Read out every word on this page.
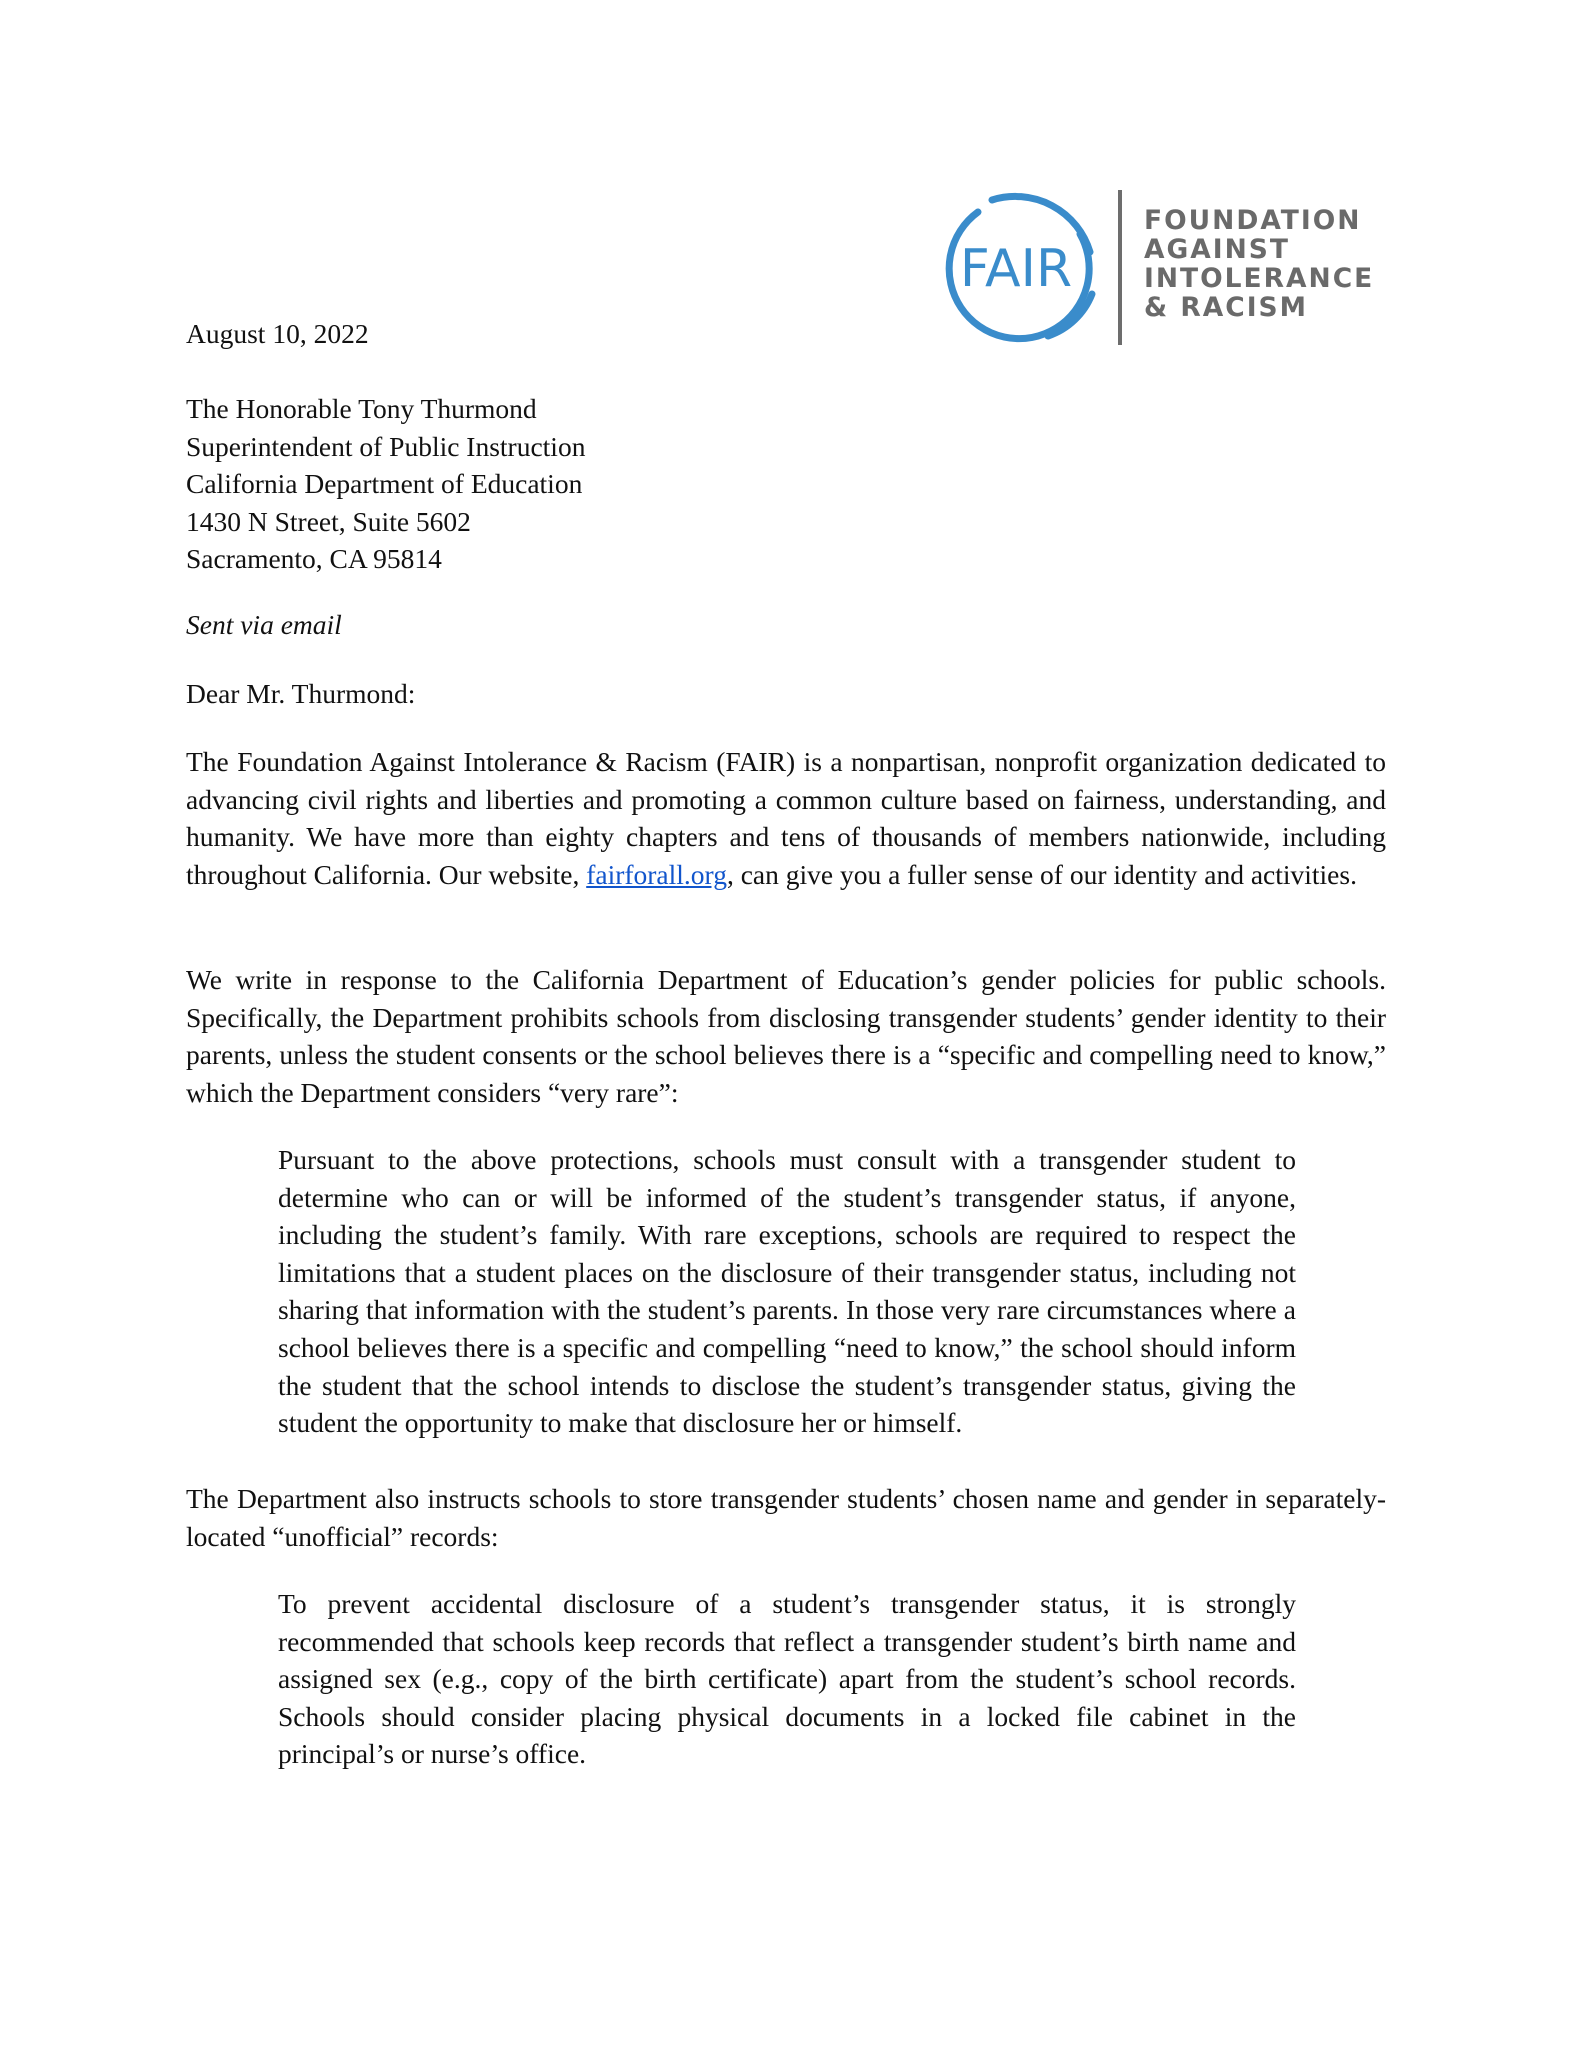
FAIR
FOUNDATION
AGAINST
INTOLERANCE
& RACISM
August 10, 2022
The Honorable Tony Thurmond
Superintendent of Public Instruction
California Department of Education
1430 N Street, Suite 5602
Sacramento, CA 95814
Sent via email
Dear Mr. Thurmond:

The Foundation Against Intolerance & Racism (FAIR) is a nonpartisan, nonprofit organization dedicated to advancing civil rights and liberties and promoting a common culture based on fairness, understanding, and humanity. We have more than eighty chapters and tens of thousands of members nationwide, including throughout California. Our website, fairforall.org, can give you a fuller sense of our identity and activities.

We write in response to the California Department of Education’s gender policies for public schools. Specifically, the Department prohibits schools from disclosing transgender students’ gender identity to their parents, unless the student consents or the school believes there is a “specific and compelling need to know,” which the Department considers “very rare”:

Pursuant to the above protections, schools must consult with a transgender student to determine who can or will be informed of the student’s transgender status, if anyone, including the student’s family. With rare exceptions, schools are required to respect the limitations that a student places on the disclosure of their transgender status, including not sharing that information with the student’s parents. In those very rare circumstances where a school believes there is a specific and compelling “need to know,” the school should inform the student that the school intends to disclose the student’s transgender status, giving the student the opportunity to make that disclosure her or himself.

The Department also instructs schools to store transgender students’ chosen name and gender in separately-located “unofficial” records:

To prevent accidental disclosure of a student’s transgender status, it is strongly recommended that schools keep records that reflect a transgender student’s birth name and assigned sex (e.g., copy of the birth certificate) apart from the student’s school records. Schools should consider placing physical documents in a locked file cabinet in the principal’s or nurse’s office.
